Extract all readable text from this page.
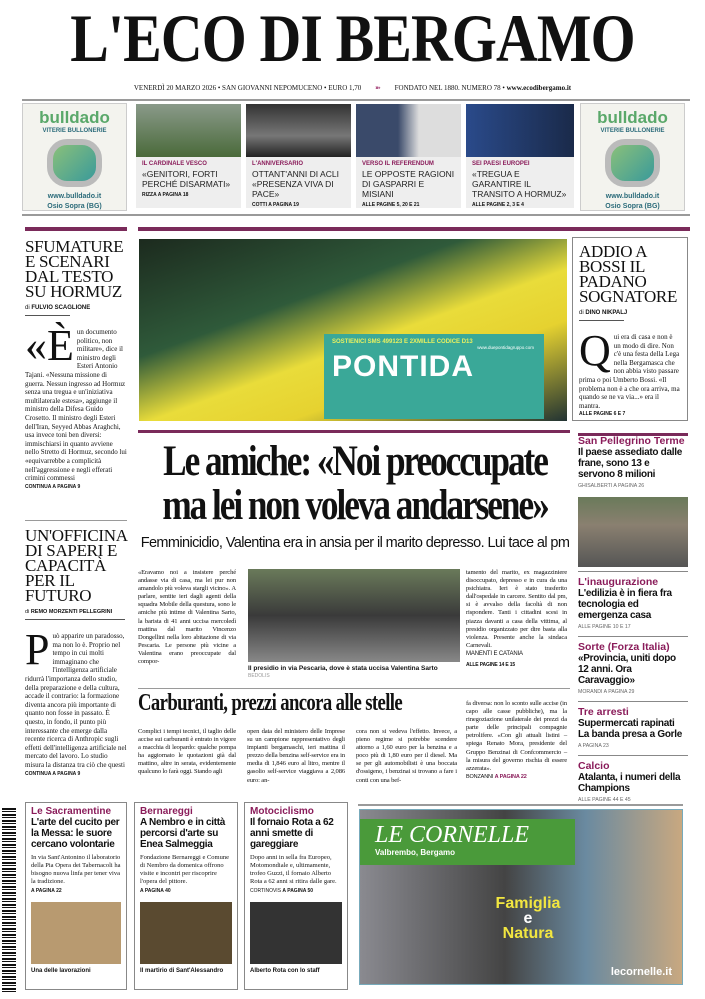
L'ECO DI BERGAMO
VENERDÌ 20 MARZO 2026 • SAN GIOVANNI NEPOMUCENO • EURO 1,70 ➽ FONDATO NEL 1880. NUMERO 78 • www.ecodibergamo.it
bulldado
VITERIE BULLONERIE
www.bulldado.it
Osio Sopra (BG)
bulldado
VITERIE BULLONERIE
www.bulldado.it
Osio Sopra (BG)
IL CARDINALE VESCO
«GENITORI, FORTI PERCHÉ DISARMATI»
RIZZA A PAGINA 18
L'ANNIVERSARIO
OTTANT'ANNI DI ACLI «PRESENZA VIVA DI PACE»
COTTI A PAGINA 19
VERSO IL REFERENDUM
LE OPPOSTE RAGIONI DI GASPARRI E MISIANI
ALLE PAGINE 5, 20 E 21
SEI PAESI EUROPEI
«TREGUA E GARANTIRE IL TRANSITO A HORMUZ»
ALLE PAGINE 2, 3 E 4
SFUMATURE E SCENARI DAL TESTO SU HORMUZ
di FULVIO SCAGLIONE
«Èun documento politico, non militare», dice il ministro degli Esteri Antonio Tajani. «Nessuna missione di guerra. Nessun ingresso ad Hormuz senza una tregua e un'iniziativa multilaterale estesa», aggiunge il ministro della Difesa Guido Crosetto. Il ministro degli Esteri dell'Iran, Seyyed Abbas Araghchi, usa invece toni ben diversi: immischiarsi in quanto avviene nello Stretto di Hormuz, secondo lui «equivarrebbe a complicità nell'aggressione e negli efferati crimini commessi
CONTINUA A PAGINA 9
UN'OFFICINA DI SAPERI E CAPACITÀ PER IL FUTURO
di REMO MORZENTI PELLEGRINI
Può apparire un paradosso, ma non lo è. Proprio nel tempo in cui molti immaginano che l'intelligenza artificiale ridurrà l'importanza dello studio, della preparazione e della cultura, accade il contrario: la formazione diventa ancora più importante di quanto non fosse in passato. È questo, in fondo, il punto più interessante che emerge dalla recente ricerca di Anthropic sugli effetti dell'intelligenza artificiale nel mercato del lavoro. Lo studio misura la distanza tra ciò che questi
CONTINUA A PAGINA 9
SOSTIENICI SMS 499123 E 2XMILLE CODICE D13
www.duepontidagruppo.com
PONTIDA
ADDIO A BOSSI IL PADANO SOGNATORE
di DINO NIKPALJ
Qui era di casa e non è un modo di dire. Non c'è una festa della Lega nella Bergamasca che non abbia visto passare prima o poi Umberto Bossi. «Il problema non è a che ora arriva, ma quando se ne va via...» era il mantra.
ALLE PAGINE 6 E 7
Le amiche: «Noi preoccupate
ma lei non voleva andarsene»
Femminicidio, Valentina era in ansia per il marito depresso. Lui tace al pm
«Eravamo noi a insistere perché andasse via di casa, ma lei pur non amandolo più voleva stargli vicino». A parlare, sentite ieri dagli agenti della squadra Mobile della questura, sono le amiche più intime di Valentina Sarto, la barista di 41 anni uccisa mercoledì mattina dal marito Vincenzo Dongellini nella loro abitazione di via Pescaria. Le persone più vicine a Valentina erano preoccupate dal compor-
Il presidio in via Pescaria, dove è stata uccisa Valentina Sarto BEDOLIS
tamento del marito, ex magazziniere disoccupato, depresso e in cura da una psichiatra. Ieri è stato trasferito dall'ospedale in carcere. Sentito dal pm, si è avvalso della facoltà di non rispondere. Tanti i cittadini scesi in piazza davanti a casa della vittima, al presidio organizzato per dire basta alla violenza. Presente anche la sindaca Carnevali.
MANENTI E CATANIA
ALLE PAGINE 14 E 15
Carburanti, prezzi ancora alle stelle
Complici i tempi tecnici, il taglio delle accise sui carburanti è entrato in vigore a macchia di leopardo: qualche pompa ha aggiornato le quotazioni già dal mattino, altre in serata, evidentemente qualcuno lo farà oggi. Stando agli
open data del ministero delle Imprese su un campione rappresentativo degli impianti bergamaschi, ieri mattina il prezzo della benzina self-service era in media di 1,846 euro al litro, mentre il gasolio self-service viaggiava a 2,086 euro: an-
cora non si vedeva l'effetto. Invece, a pieno regime si potrebbe scendere attorno a 1,60 euro per la benzina e a poco più di 1,80 euro per il diesel. Ma se per gli automobilisti è una boccata d'ossigeno, i benzinai si trovano a fare i conti con una bef-
fa diversa: non lo sconto sulle accise (in capo alle casse pubbliche), ma la rinegoziazione unilaterale dei prezzi da parte delle principali compagnie petrolifere. «Con gli attuali listini – spiega Renato Mora, presidente del Gruppo Benzinai di Confcommercio – la misura del governo rischia di essere azzerata».
BONZANNI A PAGINA 22
San Pellegrino Terme
Il paese assediato dalle frane, sono 13 e servono 8 milioni
GHISALBERTI A PAGINA 26
L'inaugurazione
L'edilizia è in fiera fra tecnologia ed emergenza casa
ALLE PAGINE 10 E 17
Sorte (Forza Italia)
«Provincia, uniti dopo 12 anni. Ora Caravaggio»
MORANDI A PAGINA 29
Tre arresti
Supermercati rapinati La banda presa a Gorle
A PAGINA 23
Calcio
Atalanta, i numeri della Champions
ALLE PAGINE 44 E 45
Le Sacramentine
L'arte del cucito per la Messa: le suore cercano volontarie
In via Sant'Antonino il laboratorio della Pia Opera dei Tabernacoli ha bisogno nuova linfa per tener viva la tradizione.
A PAGINA 22
Una delle lavorazioni
Bernareggi
A Nembro e in città percorsi d'arte su Enea Salmeggia
Fondazione Bernareggi e Comune di Nembro da domenica offrono visite e incontri per riscoprire l'opera del pittore.
A PAGINA 40
Il martirio di Sant'Alessandro
Motociclismo
Il fornaio Rota a 62 anni smette di gareggiare
Dopo anni in sella fra Europeo, Motomondiale e, ultimamente, trofeo Guzzi, il fornaio Alberto Rota a 62 anni si ritira dalle gare.
CORTINOVIS A PAGINA 50
Alberto Rota con lo staff
LE CORNELLE
Valbrembo, Bergamo
Famiglia
e
Natura
lecornelle.it
